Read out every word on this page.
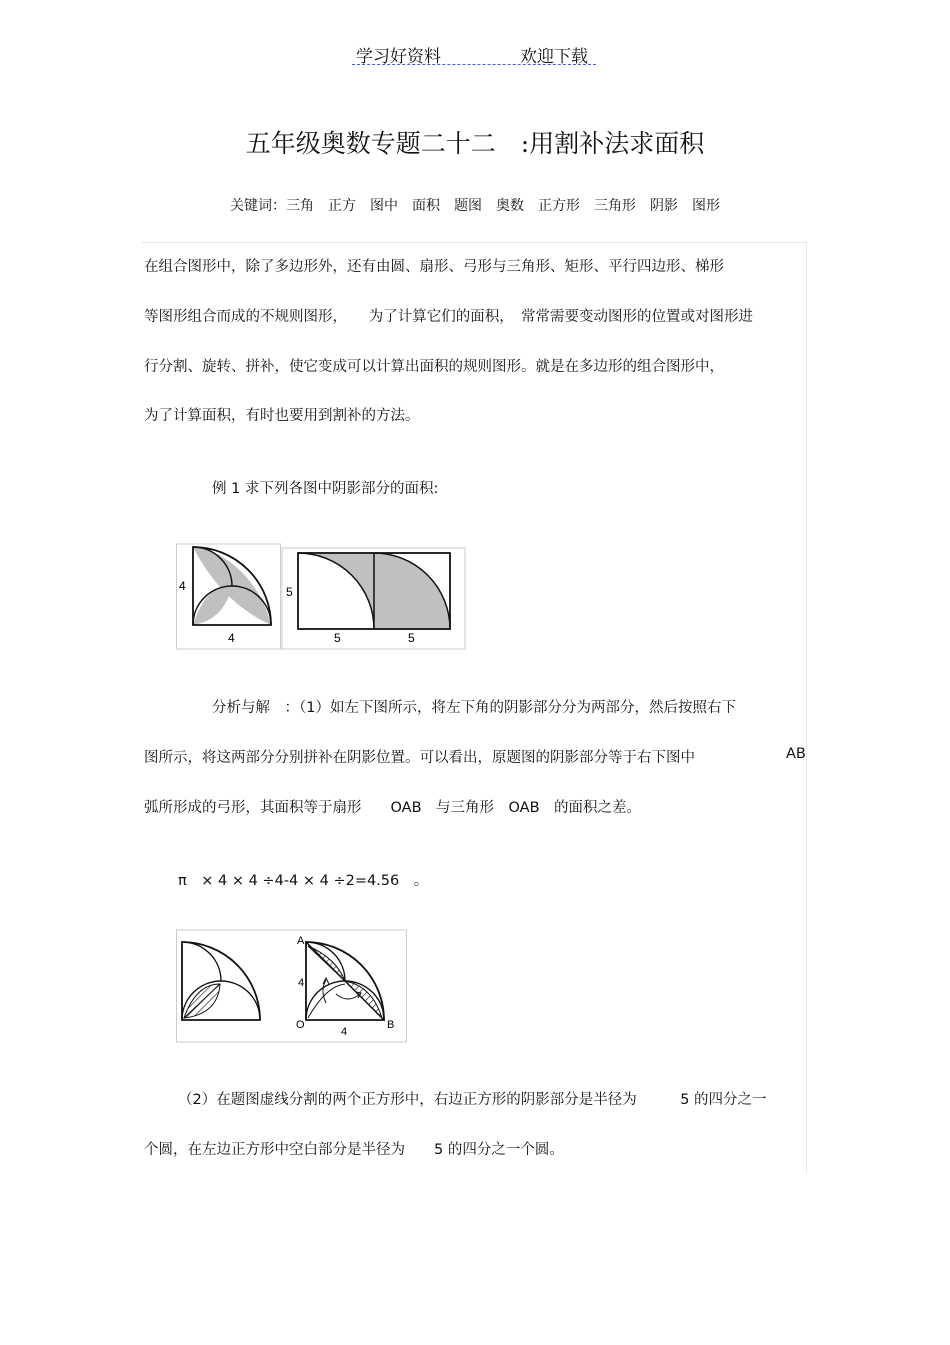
学习好资料	欢迎下载
五年级奥数专题二十二　:用割补法求面积
关键词：三角　正方　图中　面积　题图　奥数　正方形　三角形　阴影　图形
在组合图形中，除了多边形外，还有由圆、扇形、弓形与三角形、矩形、平行四边形、梯形
等图形组合而成的不规则图形，　　为了计算它们的面积，　常常需要变动图形的位置或对图形进
行分割、旋转、拼补，使它变成可以计算出面积的规则图形。就是在多边形的组合图形中，
为了计算面积，有时也要用到割补的方法。
例 1 求下列各图中阴影部分的面积:
4
4
5
5	5
分析与解　：（1）如左下图所示，将左下角的阴影部分分为两部分，然后按照右下
图所示，将这两部分分别拼补在阴影位置。可以看出，原题图的阴影部分等于右下图中	AB
弧所形成的弓形，其面积等于扇形　　OAB　与三角形　OAB　的面积之差。
π　× 4 × 4 ÷4-4 × 4 ÷2=4.56　。
A
4
O
4
B
（2）在题图虚线分割的两个正方形中，右边正方形的阴影部分是半径为　　　5 的四分之一
个圆，在左边正方形中空白部分是半径为　　5 的四分之一个圆。
